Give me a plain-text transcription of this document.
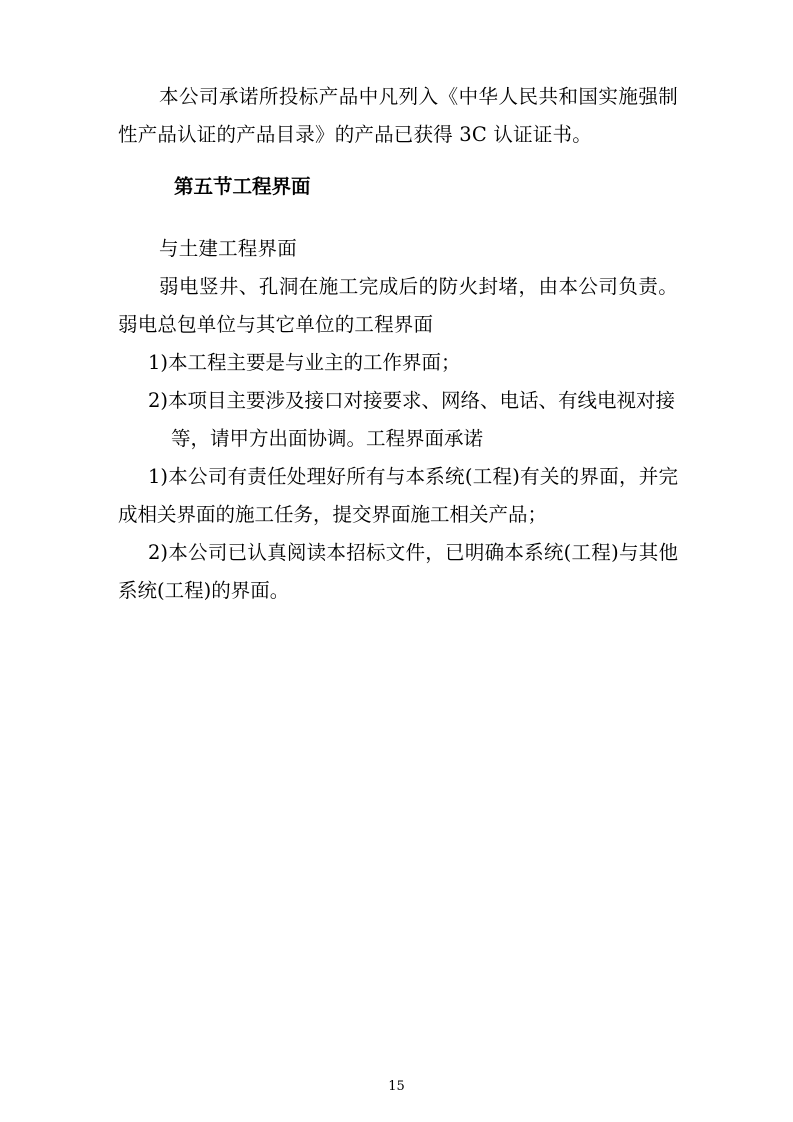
本公司承诺所投标产品中凡列入《中华人民共和国实施强制性产品认证的产品目录》的产品已获得 3C 认证证书。

第五节工程界面

与土建工程界面

弱电竖井、孔洞在施工完成后的防火封堵，由本公司负责。弱电总包单位与其它单位的工程界面

1)本工程主要是与业主的工作界面；

2)本项目主要涉及接口对接要求、网络、电话、有线电视对接

等，请甲方出面协调。工程界面承诺

1)本公司有责任处理好所有与本系统(工程)有关的界面，并完成相关界面的施工任务，提交界面施工相关产品；

2)本公司已认真阅读本招标文件，已明确本系统(工程)与其他系统(工程)的界面。

15
